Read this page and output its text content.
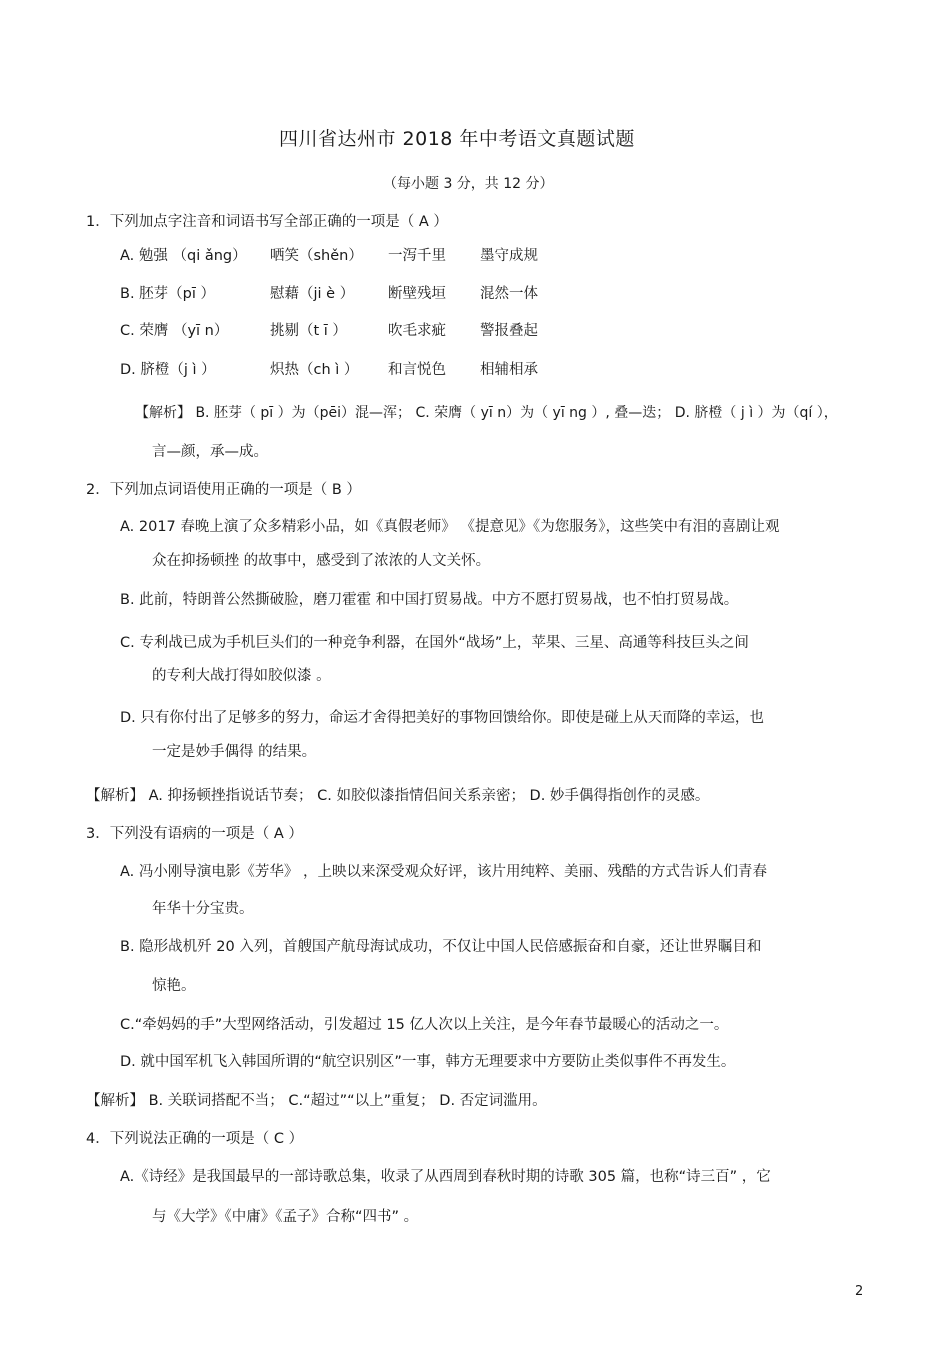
四川省达州市 2018 年中考语文真题试题
（每小题 3 分，共 12 分）
1．下列加点字注音和词语书写全部正确的一项是（ A ）
A. 勉强 （qi ǎng） 哂笑（shěn） 一泻千里 墨守成规
B. 胚芽（pī ）	慰藉（ji è ） 断壁残垣 混然一体
C. 荣膺 （yī n）	挑剔（t ī ）	吹毛求疵 警报叠起
D. 脐橙（j ì ）	炽热（ch ì ） 和言悦色 相辅相承
【解析】 B. 胚芽（ pī ）为（pēi）混—浑； C. 荣膺（ yī n）为（ yī ng ）, 叠—迭； D. 脐橙（ j ì ）为（qí ），
言—颜，承—成。
2．下列加点词语使用正确的一项是（ B ）
A. 2017 春晚上演了众多精彩小品，如《真假老师》 《提意见》《为您服务》，这些笑中有泪的喜剧让观
众在抑扬顿挫 的故事中，感受到了浓浓的人文关怀。
B. 此前，特朗普公然撕破脸，磨刀霍霍 和中国打贸易战。中方不愿打贸易战，也不怕打贸易战。
C. 专利战已成为手机巨头们的一种竞争利器，在国外“战场”上，苹果、三星、高通等科技巨头之间
的专利大战打得如胶似漆 。
D. 只有你付出了足够多的努力，命运才舍得把美好的事物回馈给你。即使是碰上从天而降的幸运，也
一定是妙手偶得 的结果。
【解析】 A. 抑扬顿挫指说话节奏； C. 如胶似漆指情侣间关系亲密； D. 妙手偶得指创作的灵感。
3．下列没有语病的一项是（ A ）
A. 冯小刚导演电影《芳华》 ，上映以来深受观众好评，该片用纯粹、美丽、残酷的方式告诉人们青春
年华十分宝贵。
B. 隐形战机歼 20 入列，首艘国产航母海试成功，不仅让中国人民倍感振奋和自豪，还让世界瞩目和
惊艳。
C.“牵妈妈的手”大型网络活动，引发超过 15 亿人次以上关注，是今年春节最暖心的活动之一。
D. 就中国军机飞入韩国所谓的“航空识别区”一事，韩方无理要求中方要防止类似事件不再发生。
【解析】 B. 关联词搭配不当； C.“超过”“以上”重复； D. 否定词滥用。
4．下列说法正确的一项是（ C ）
A.《诗经》是我国最早的一部诗歌总集，收录了从西周到春秋时期的诗歌 305 篇，也称“诗三百” ，它
与《大学》《中庸》《孟子》合称“四书” 。
2
